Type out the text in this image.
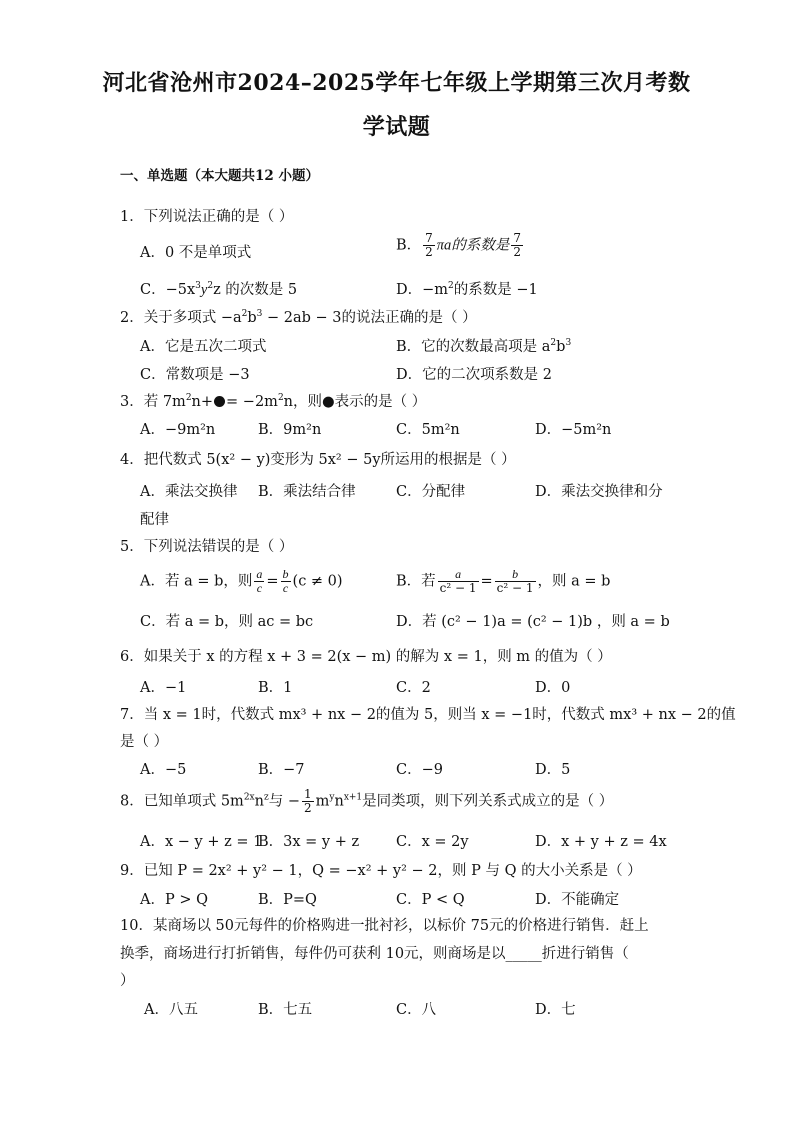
河北省沧州市2024–2025学年七年级上学期第三次月考数
学试题
一、单选题（本大题共12 小题）
1．下列说法正确的是（ ）
A．0 不是单项式	B． $\frac{7}{2}$ πa的系数是 $\frac{7}{2}$
C．$-5x^3y^2z$ 的次数是 5	D．$-m^2$的系数是 −1
2．关于多项式 $-a^2b^3 - 2ab - 3$的说法正确的是（ ）
A．它是五次二项式	B．它的次数最高项是 $a^2b^3$
C．常数项是 −3	D．它的二次项系数是 2
3．若 $7m^2n+ = -2m^2n$，则●表示的是（ ）
A．−9m²n	B．9m²n	C．5m²n	D．−5m²n
4．把代数式 5(x² − y)变形为 5x² − 5y所运用的根据是（ ）
A．乘法交换律 B．乘法结合律	C．分配律	D．乘法交换律和分
配律
5．下列说法错误的是（ ）
A．若 a = b，则 $\frac{a}{c} = \frac{b}{c} (c \ne 0)$	B．若 $\frac{a}{\text{c² − 1}} = \frac{b}{\text{c² − 1}}$ ，则 a = b
C．若 a = b，则 ac = bc	D．若 (c² − 1)a = (c² − 1)b ，则 a = b
6．如果关于 x 的方程 x + 3 = 2(x − m) 的解为 x = 1，则 m 的值为（ ）
A．−1	B．1	C．2	D．0
7．当 x = 1时，代数式 mx³ + nx − 2的值为 5，则当 x = −1时，代数式 mx³ + nx − 2的值
是（ ）
A．−5	B．−7	C．−9	D．5
8．已知单项式 $5m^{2x}n^z$与 − $\frac{1}{2} m^yn^{x+1}$是同类项，则下列关系式成立的是（ ）
A．x − y + z = 1
B．3x = y + z	C．x = 2y	D．x + y + z = 4x
9．已知 P = 2x² + y² − 1，Q = −x² + y² − 2，则 P 与 Q 的大小关系是（ ）
A．P > Q	B．P=Q	C．P < Q	D．不能确定
10．某商场以 50元每件的价格购进一批衬衫，以标价 75元的价格进行销售．赶上
换季，商场进行打折销售，每件仍可获利 10元，则商场是以_____折进行销售（
）
A．八五	B．七五	C．八	D．七
